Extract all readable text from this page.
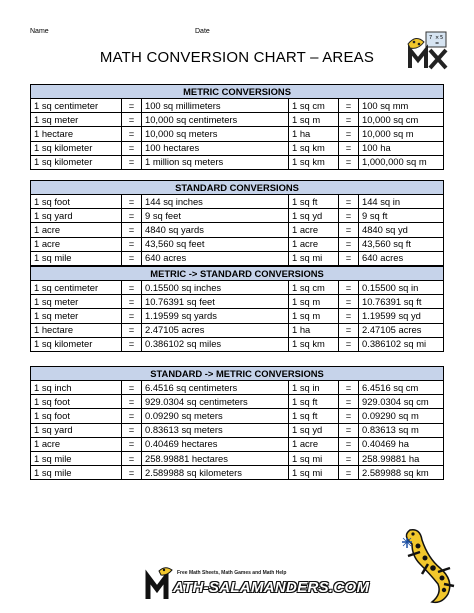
Name	Date
7 × 5
=
MATH CONVERSION CHART – AREAS
METRIC CONVERSIONS					
1 sq centimeter	=	100 sq millimeters	1 sq cm	=	100 sq mm
1 sq meter	=	10,000 sq centimeters	1 sq m	=	10,000 sq cm
1 hectare	=	10,000 sq meters	1 ha	=	10,000 sq m
1 sq kilometer	=	100 hectares	1 sq km	=	100 ha
1 sq kilometer	=	1 million sq meters	1 sq km	=	1,000,000 sq m
STANDARD CONVERSIONS					
1 sq foot	=	144 sq inches	1 sq ft	=	144 sq in
1 sq yard	=	9 sq feet	1 sq yd	=	9 sq ft
1 acre	=	4840 sq yards	1 acre	=	4840 sq yd
1 acre	=	43,560 sq feet	1 acre	=	43,560 sq ft
1 sq mile	=	640 acres	1 sq mi	=	640 acres
METRIC -> STANDARD CONVERSIONS					
1 sq centimeter	=	0.15500 sq inches	1 sq cm	=	0.15500 sq in
1 sq meter	=	10.76391 sq feet	1 sq m	=	10.76391 sq ft
1 sq meter	=	1.19599 sq yards	1 sq m	=	1.19599 sq yd
1 hectare	=	2.47105 acres	1 ha	=	2.47105 acres
1 sq kilometer	=	0.386102 sq miles	1 sq km	=	0.386102 sq mi
STANDARD -> METRIC CONVERSIONS					
1 sq inch	=	6.4516 sq centimeters	1 sq in	=	6.4516 sq cm
1 sq foot	=	929.0304 sq centimeters	1 sq ft	=	929.0304 sq cm
1 sq foot	=	0.09290 sq meters	1 sq ft	=	0.09290 sq m
1 sq yard	=	0.83613 sq meters	1 sq yd	=	0.83613 sq m
1 acre	=	0.40469 hectares	1 acre	=	0.40469 ha
1 sq mile	=	258.99881 hectares	1 sq mi	=	258.99881 ha
1 sq mile	=	2.589988 sq kilometers	1 sq mi	=	2.589988 sq km
Free Math Sheets, Math Games and Math Help
ATH-SALAMANDERS.COM
